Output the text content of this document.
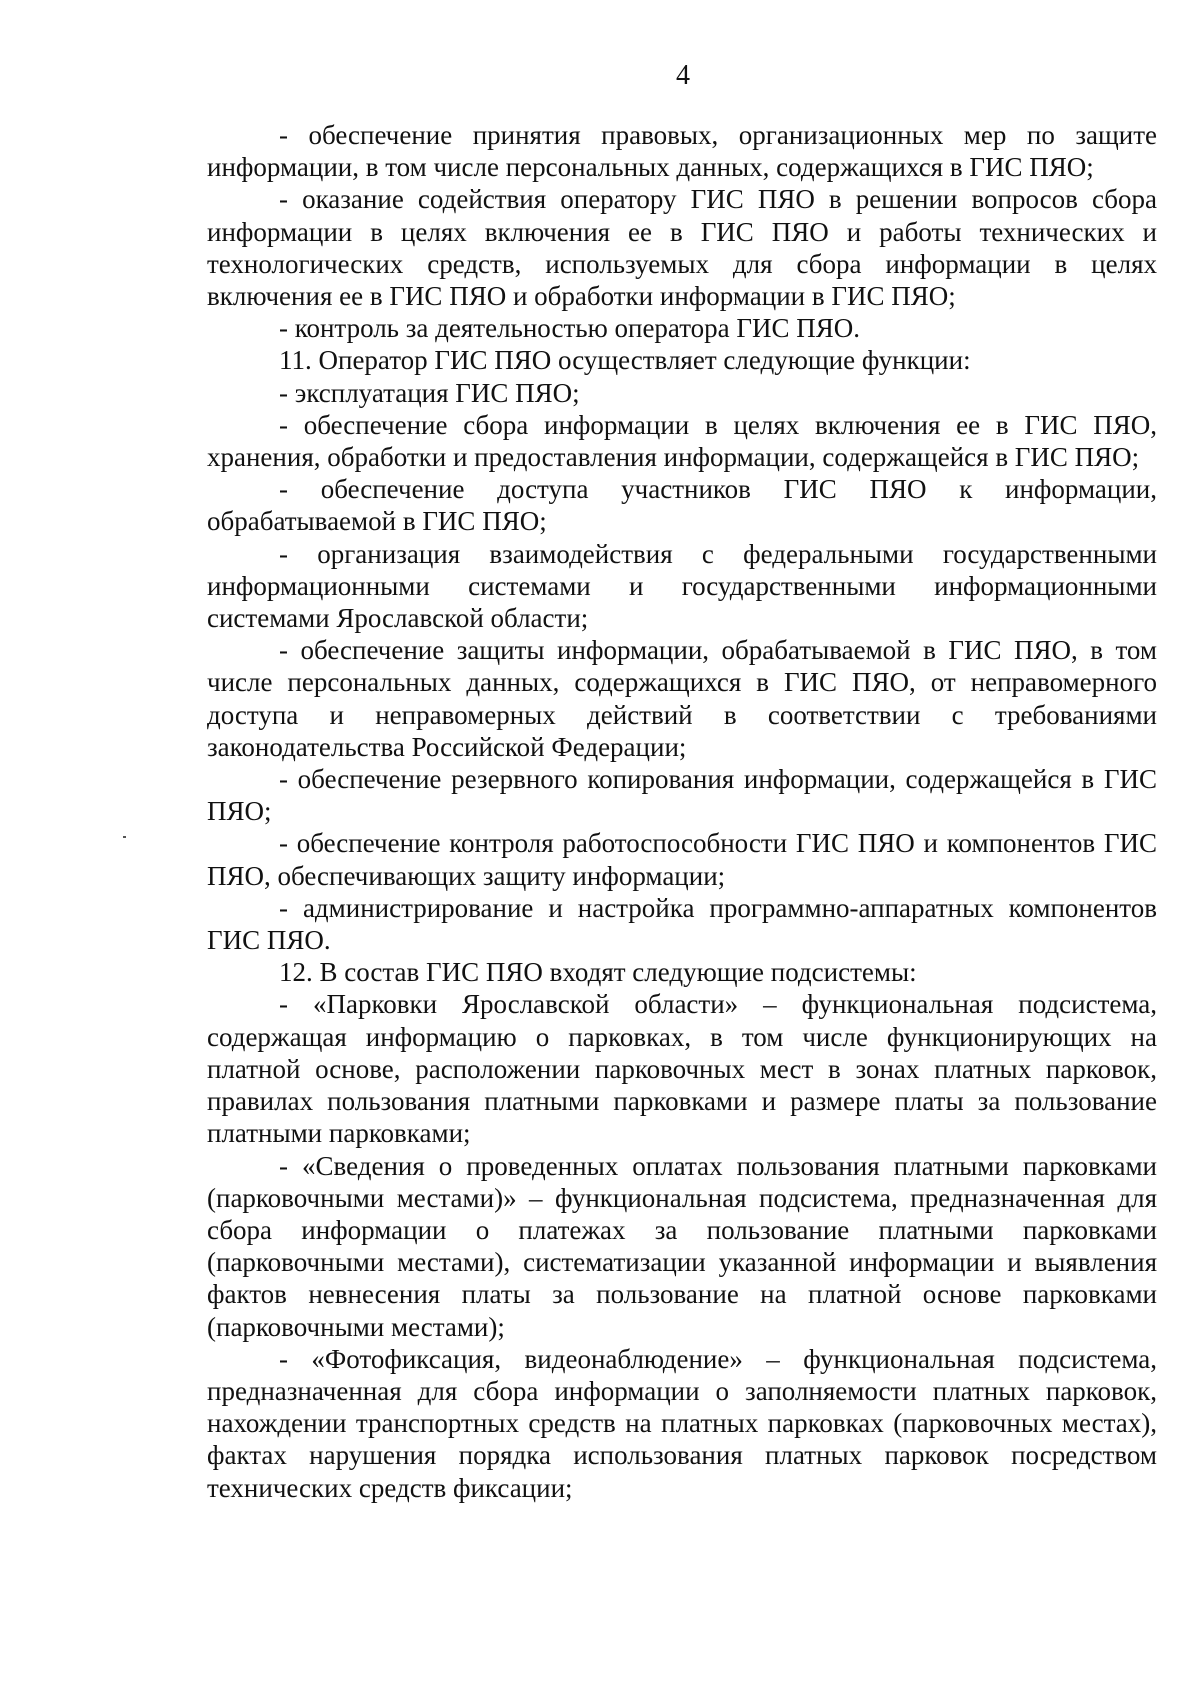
4

- обеспечение принятия правовых, организационных мер по защите информации, в том числе персональных данных, содержащихся в ГИС ПЯО;

- оказание содействия оператору ГИС ПЯО в решении вопросов сбора информации в целях включения ее в ГИС ПЯО и работы технических и технологических средств, используемых для сбора информации в целях включения ее в ГИС ПЯО и обработки информации в ГИС ПЯО;

- контроль за деятельностью оператора ГИС ПЯО.

11. Оператор ГИС ПЯО осуществляет следующие функции:

- эксплуатация ГИС ПЯО;

- обеспечение сбора информации в целях включения ее в ГИС ПЯО, хранения, обработки и предоставления информации, содержащейся в ГИС ПЯО;

- обеспечение доступа участников ГИС ПЯО к информации, обрабатываемой в ГИС ПЯО;

- организация взаимодействия с федеральными государственными информационными системами и государственными информационными системами Ярославской области;

- обеспечение защиты информации, обрабатываемой в ГИС ПЯО, в том числе персональных данных, содержащихся в ГИС ПЯО, от неправомерного доступа и неправомерных действий в соответствии с требованиями законодательства Российской Федерации;

- обеспечение резервного копирования информации, содержащейся в ГИС ПЯО;

- обеспечение контроля работоспособности ГИС ПЯО и компонентов ГИС ПЯО, обеспечивающих защиту информации;

- администрирование и настройка программно-аппаратных компонентов ГИС ПЯО.

12. В состав ГИС ПЯО входят следующие подсистемы:

- «Парковки Ярославской области» – функциональная подсистема, содержащая информацию о парковках, в том числе функционирующих на платной основе, расположении парковочных мест в зонах платных парковок, правилах пользования платными парковками и размере платы за пользование платными парковками;

- «Сведения о проведенных оплатах пользования платными парковками (парковочными местами)» – функциональная подсистема, предназначенная для сбора информации о платежах за пользование платными парковками (парковочными местами), систематизации указанной информации и выявления фактов невнесения платы за пользование на платной основе парковками (парковочными местами);

- «Фотофиксация, видеонаблюдение» – функциональная подсистема, предназначенная для сбора информации о заполняемости платных парковок, нахождении транспортных средств на платных парковках (парковочных местах), фактах нарушения порядка использования платных парковок посредством технических средств фиксации;
